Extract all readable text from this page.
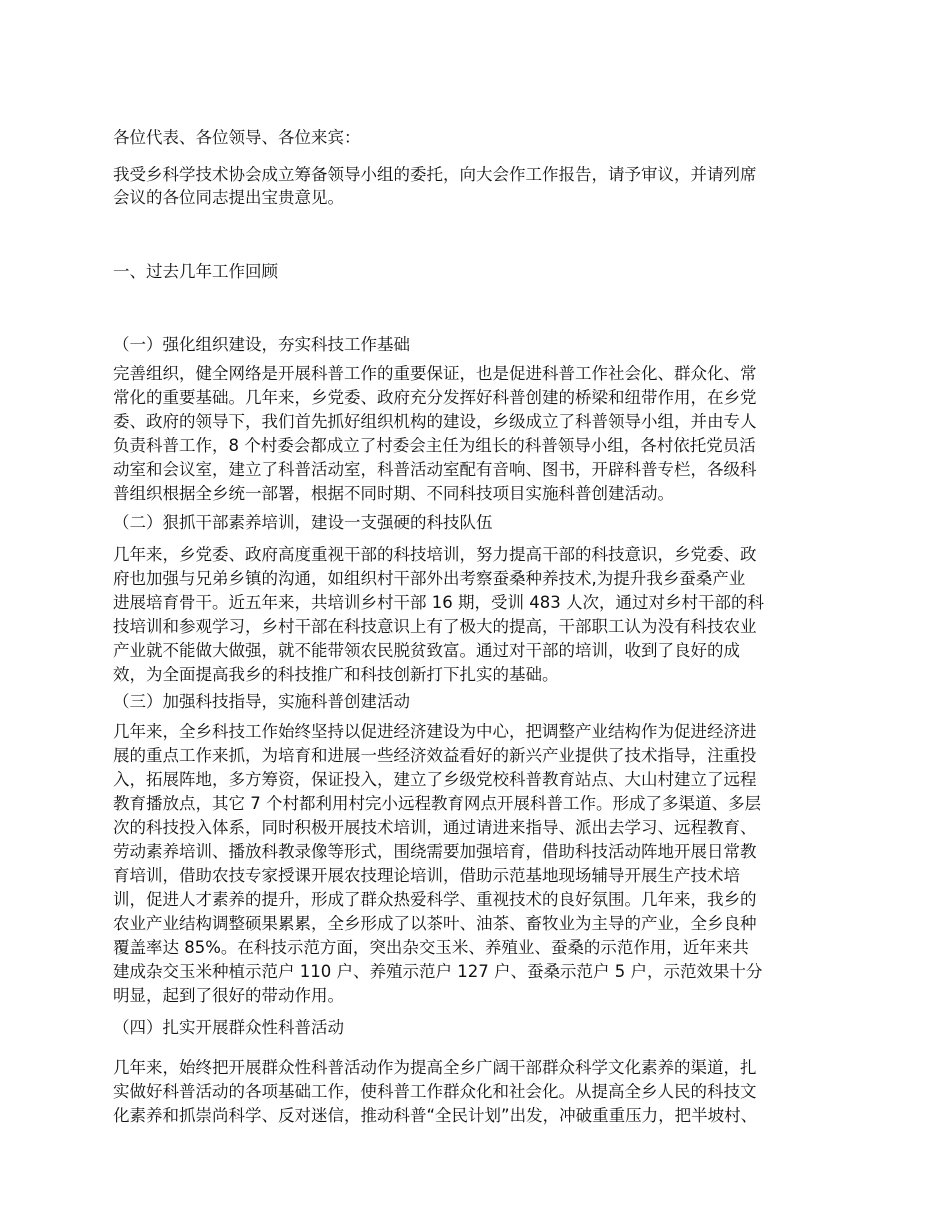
各位代表、各位领导、各位来宾：
我受乡科学技术协会成立筹备领导小组的委托，向大会作工作报告，请予审议，并请列席
会议的各位同志提出宝贵意见。
一、过去几年工作回顾
（一）强化组织建设，夯实科技工作基础
完善组织，健全网络是开展科普工作的重要保证，也是促进科普工作社会化、群众化、常
常化的重要基础。几年来，乡党委、政府充分发挥好科普创建的桥梁和纽带作用，在乡党
委、政府的领导下，我们首先抓好组织机构的建设，乡级成立了科普领导小组，并由专人
负责科普工作，8 个村委会都成立了村委会主任为组长的科普领导小组，各村依托党员活
动室和会议室，建立了科普活动室，科普活动室配有音响、图书，开辟科普专栏，各级科
普组织根据全乡统一部署，根据不同时期、不同科技项目实施科普创建活动。
（二）狠抓干部素养培训，建设一支强硬的科技队伍
几年来，乡党委、政府高度重视干部的科技培训，努力提高干部的科技意识，乡党委、政
府也加强与兄弟乡镇的沟通，如组织村干部外出考察蚕桑种养技术,为提升我乡蚕桑产业
进展培育骨干。近五年来，共培训乡村干部 16 期，受训 483 人次，通过对乡村干部的科
技培训和参观学习，乡村干部在科技意识上有了极大的提高，干部职工认为没有科技农业
产业就不能做大做强，就不能带领农民脱贫致富。通过对干部的培训，收到了良好的成
效，为全面提高我乡的科技推广和科技创新打下扎实的基础。
（三）加强科技指导，实施科普创建活动
几年来，全乡科技工作始终坚持以促进经济建设为中心，把调整产业结构作为促进经济进
展的重点工作来抓，为培育和进展一些经济效益看好的新兴产业提供了技术指导，注重投
入，拓展阵地，多方筹资，保证投入，建立了乡级党校科普教育站点、大山村建立了远程
教育播放点，其它 7 个村都利用村完小远程教育网点开展科普工作。形成了多渠道、多层
次的科技投入体系，同时积极开展技术培训，通过请进来指导、派出去学习、远程教育、
劳动素养培训、播放科教录像等形式，围绕需要加强培育，借助科技活动阵地开展日常教
育培训，借助农技专家授课开展农技理论培训，借助示范基地现场辅导开展生产技术培
训，促进人才素养的提升，形成了群众热爱科学、重视技术的良好氛围。几年来，我乡的
农业产业结构调整硕果累累，全乡形成了以茶叶、油茶、畜牧业为主导的产业，全乡良种
覆盖率达 85%。在科技示范方面，突出杂交玉米、养殖业、蚕桑的示范作用，近年来共
建成杂交玉米种植示范户 110 户、养殖示范户 127 户、蚕桑示范户 5 户，示范效果十分
明显，起到了很好的带动作用。
（四）扎实开展群众性科普活动
几年来，始终把开展群众性科普活动作为提高全乡广阔干部群众科学文化素养的渠道，扎
实做好科普活动的各项基础工作，使科普工作群众化和社会化。从提高全乡人民的科技文
化素养和抓崇尚科学、反对迷信，推动科普“全民计划”出发，冲破重重压力，把半坡村、
